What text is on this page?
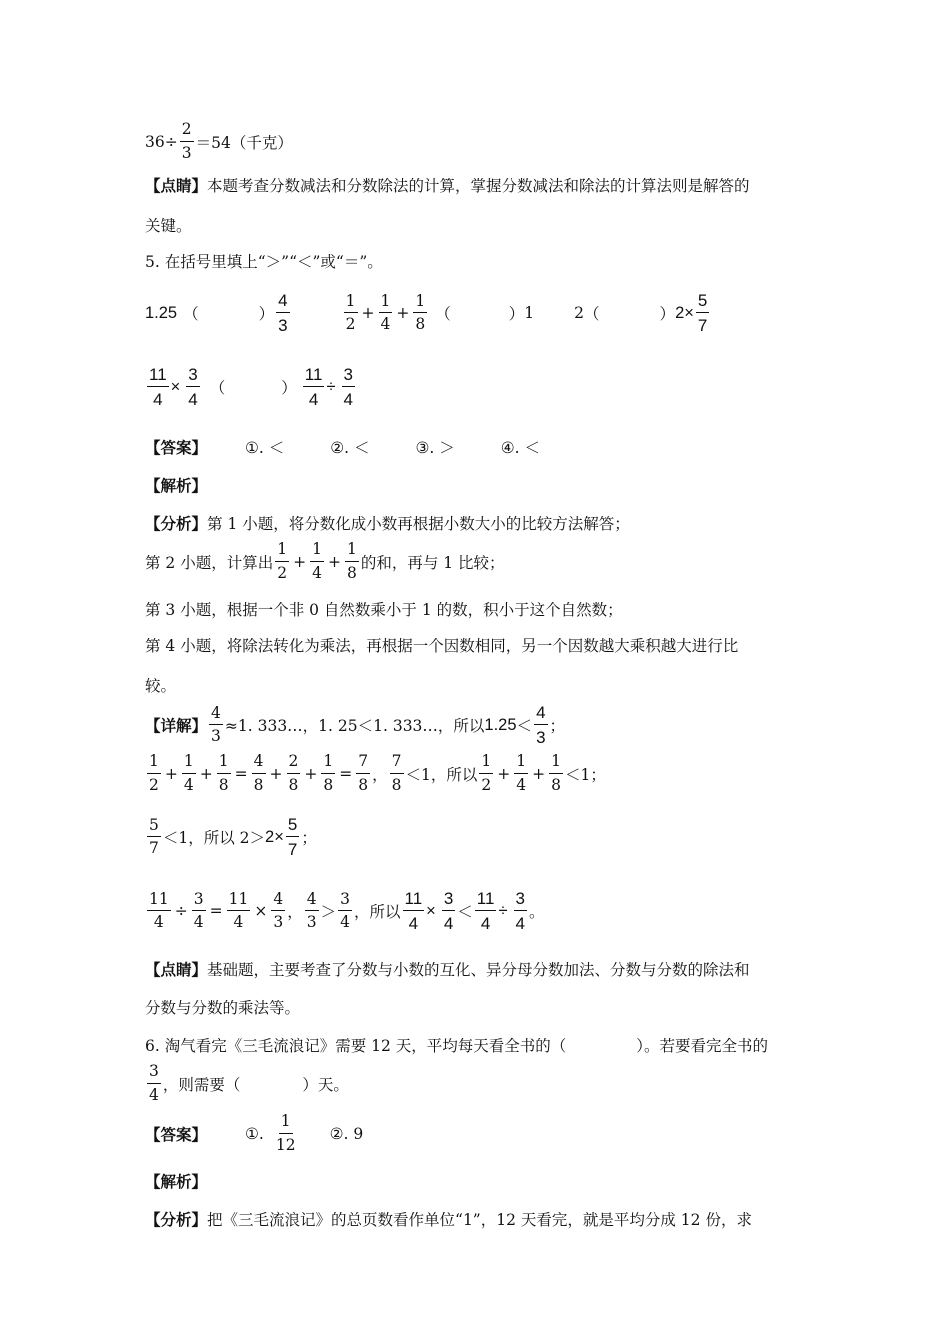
$36\div \frac{2}{3} =54$（千克）
【点睛】 本题考查分数减法和分数除法的计算，掌握分数减法和除法的计算法则是解答的
关键。
5. 在括号里填上“＞”“＜”或“＝”。
1.25 （	） $\frac{4}{3}$	$\frac{1}{2} + \frac{1}{4} + \frac{1}{8}$ （	） 1	2 （	） $2\times \frac{5}{7}$
$\frac{11}{4} \times \frac{3}{4}$ （	） $\frac{11}{4} \div \frac{3}{4}$
【答案】 ①. ＜	②. ＜	③. ＞	④. ＜
【解析】
【分析】 第 1 小题，将分数化成小数再根据小数大小的比较方法解答；
第 2 小题，计算出 $\frac{1}{2} + \frac{1}{4} + \frac{1}{8}$ 的和，再与 1 比较；
第 3 小题，根据一个非 0 自然数乘小于 1 的数，积小于这个自然数；
第 4 小题，将除法转化为乘法，再根据一个因数相同，另一个因数越大乘积越大进行比
较。
【详解】 $\frac{4}{3} \approx 1$. 333…，1. 25＜1. 333…，所以 $1.25 < \frac{4}{3}$ ；
$\frac{1}{2} + \frac{1}{4} + \frac{1}{8} = \frac{4}{8} + \frac{2}{8} + \frac{1}{8} = \frac{7}{8}$ ， $\frac{7}{8} <1$，所以 $\frac{1}{2} + \frac{1}{4} + \frac{1}{8} <1$；
$\frac{5}{7} <1$，所以 $2> 2\times \frac{5}{7}$ ；
$\frac{11}{4} \div \frac{3}{4} = \frac{11}{4} \times \frac{4}{3}$ ， $\frac{4}{3} > \frac{3}{4}$ ，所以 $\frac{11}{4} \times \frac{3}{4} < \frac{11}{4} \div \frac{3}{4}$ 。
【点睛】 基础题，主要考查了分数与小数的互化、异分母分数加法、分数与分数的除法和
分数与分数的乘法等。
6. 淘气看完《三毛流浪记》需要 12 天，平均每天看全书的（	）。若要看完全书的
$\frac{3}{4}$ ，则需要（	）天。
【答案】 ①. $\frac{1}{12}$ ②. 9
【解析】
【分析】 把《三毛流浪记》的总页数看作单位“1”，12 天看完，就是平均分成 12 份，求
